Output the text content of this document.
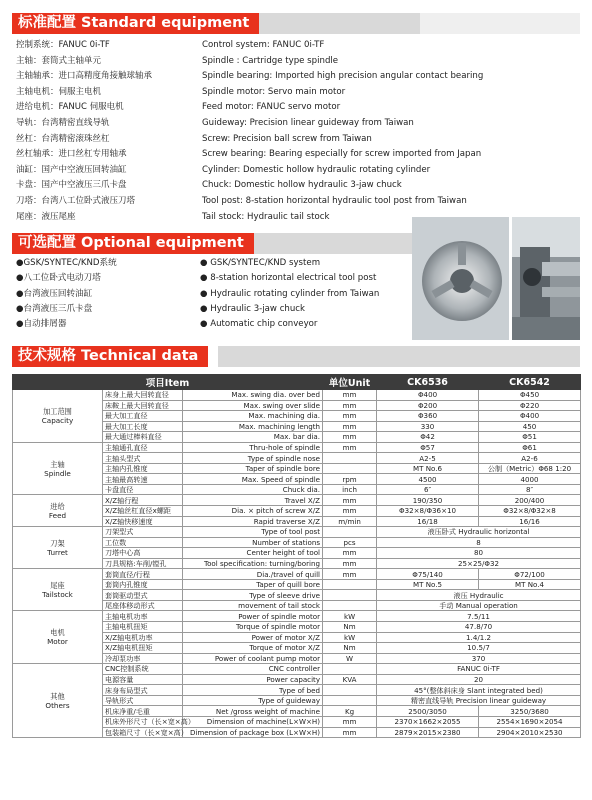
标准配置 Standard equipment
控制系统：FANUC 0i-TF	Control system: FANUC 0i-TF
主轴：套筒式主轴单元	Spindle : Cartridge type spindle
主轴轴承：进口高精度角接触球轴承	Spindle bearing: Imported high precision angular contact bearing
主轴电机：伺服主电机	Spindle motor: Servo main motor
进给电机：FANUC 伺服电机	Feed motor: FANUC servo motor
导轨：台湾精密直线导轨	Guideway: Precision linear guideway from Taiwan
丝杠：台湾精密滚珠丝杠	Screw: Precision ball screw from Taiwan
丝杠轴承：进口丝杠专用轴承	Screw bearing: Bearing especially for screw imported from Japan
油缸：国产中空液压回转油缸	Cylinder: Domestic hollow hydraulic rotating cylinder
卡盘：国产中空液压三爪卡盘	Chuck: Domestic hollow hydraulic 3-jaw chuck
刀塔：台湾八工位卧式液压刀塔	Tool post: 8-station horizontal hydraulic tool post from Taiwan
尾座：液压尾座	Tail stock: Hydraulic tail stock
可选配置 Optional equipment
●GSK/SYNTEC/KND系统
●八工位卧式电动刀塔
●台湾液压回转油缸
●台湾液压三爪卡盘
●自动排屑器
● GSK/SYNTEC/KND system
● 8-station horizontal electrical tool post
● Hydraulic rotating cylinder from Taiwan
● Hydraulic 3-jaw chuck
● Automatic chip conveyor
技术规格 Technical data
项目Item			单位Unit	CK6536	CK6542

加工范围
Capacity	床身上最大回转直径	Max. swing dia. over bed	mm	Φ400	Φ450
	床鞍上最大回转直径	Max. swing over slide	mm	Φ200	Φ220
	最大加工直径	Max. machining dia.	mm	Φ360	Φ400
	最大加工长度	Max. machining length	mm	330	450
	最大通过棒料直径	Max. bar dia.	mm	Φ42	Φ51

主轴
Spindle	主轴通孔直径	Thru-hole of spindle	mm	Φ57	Φ61
	主轴头型式	Type of spindle nose		A2-5	A2-6
	主轴内孔锥度	Taper of spindle bore		MT No.6	公制（Metric）Φ68 1:20
	主轴最高转速	Max. Speed of spindle	rpm	4500	4000
	卡盘直径	Chuck dia.	inch	6″	8″

进给
Feed	X/Z轴行程	Travel X/Z	mm	190/350	200/400
	X/Z轴丝杠直径x螺距	Dia. × pitch of screw X/Z	mm	Φ32×8/Φ36×10	Φ32×8/Φ32×8
	X/Z轴快移速度	Rapid traverse X/Z	m/min	16/18	16/16

刀架
Turret	刀架型式	Type of tool post		液压卧式 Hydraulic horizontal	
	工位数	Number of stations	pcs	8	
	刀塔中心高	Center height of tool	mm	80	
	刀具规格:车削/镗孔	Tool specification: turning/boring	mm	25×25/Φ32	

尾座
Tailstock	套筒直径/行程	Dia./travel of quill	mm	Φ75/140	Φ72/100
	套筒内孔锥度	Taper of quill bore		MT No.5	MT No.4
	套筒驱动型式	Type of sleeve drive		液压 Hydraulic	
	尾座体移动形式	movement of tail stock		手动 Manual operation	

电机
Motor	主轴电机功率	Power of spindle motor	kW	7.5/11	
	主轴电机扭矩	Torque of spindle motor	Nm	47.8/70	
	X/Z轴电机功率	Power of motor X/Z	kW	1.4/1.2	
	X/Z轴电机扭矩	Torque of motor X/Z	Nm	10.5/7	
	冷却泵功率	Power of coolant pump motor	W	370	

其他
Others	CNC控制系统	CNC controller		FANUC 0i-TF	
	电源容量	Power capacity	KVA	20	
	床身布局型式	Type of bed		45°(整体斜床身 Slant integrated bed)	
	导轨形式	Type of guideway		精密直线导轨 Precision linear guideway	
	机床净重/毛重	Net /gross weight of machine	Kg	2500/3050	3250/3680
	机床外形尺寸（长×宽×高）	Dimension of machine(L×W×H)	mm	2370×1662×2055	2554×1690×2054
	包装箱尺寸（长×宽×高）	Dimension of package box (L×W×H)	mm	2879×2015×2380	2904×2010×2530
